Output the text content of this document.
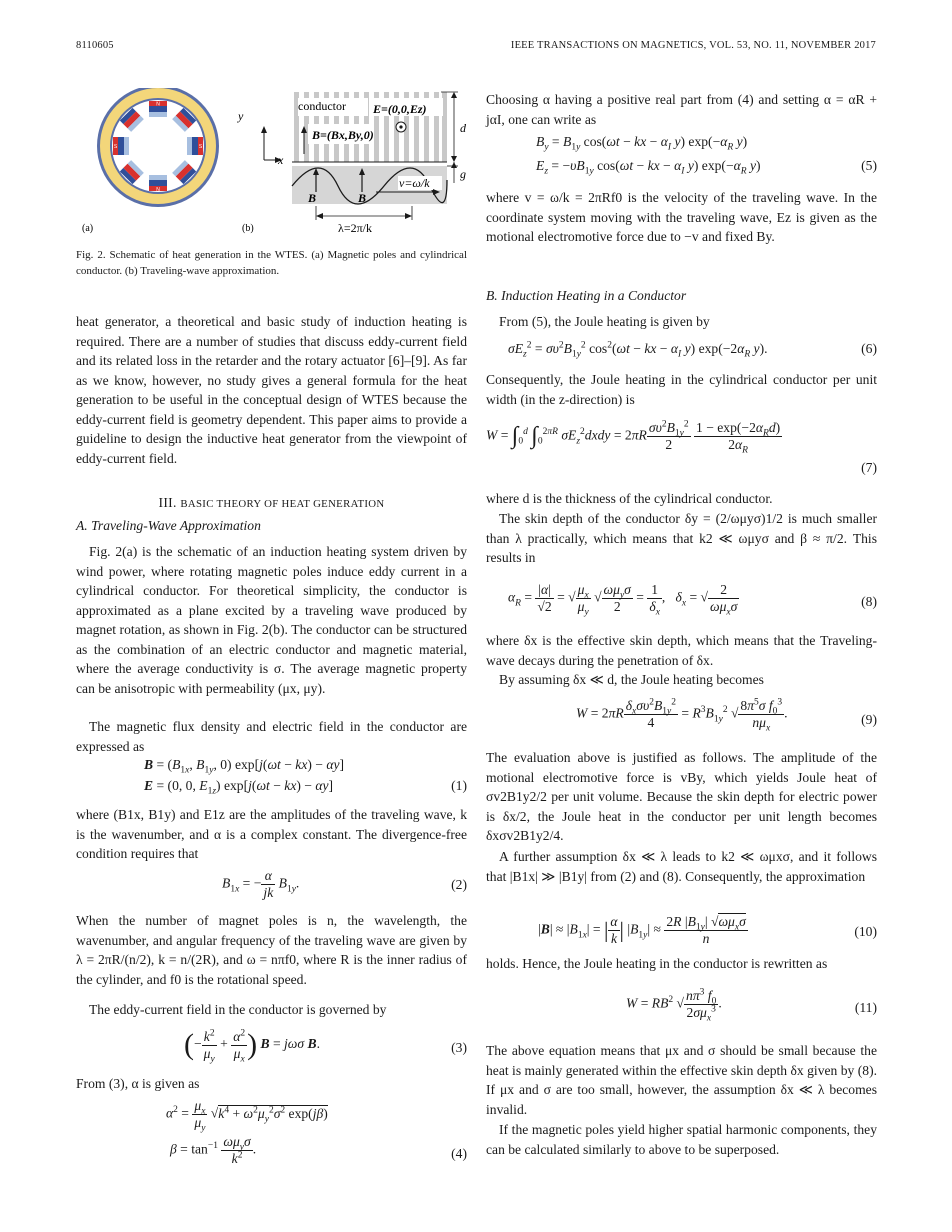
8110605	IEEE TRANSACTIONS ON MAGNETICS, VOL. 53, NO. 11, NOVEMBER 2017
N
N
S
S
(a)	(b)
y
x
conductor E=(0,0,Ez)
B=(Bx,By,0)
B	B
v=ω/k
d
g
λ=2π/k
Fig. 2. Schematic of heat generation in the WTES. (a) Magnetic poles and cylindrical conductor. (b) Traveling-wave approximation.

heat generator, a theoretical and basic study of induction heating is required. There are a number of studies that discuss eddy-current field and its related loss in the retarder and the rotary actuator [6]–[9]. As far as we know, however, no study gives a general formula for the heat generation to be useful in the conceptual design of WTES because the eddy-current field is geometry dependent. This paper aims to provide a guideline to design the inductive heat generator from the viewpoint of eddy-current field.

III. BASIC THEORY OF HEAT GENERATION
A. Traveling-Wave Approximation

Fig. 2(a) is the schematic of an induction heating system driven by wind power, where rotating magnetic poles induce eddy current in a cylindrical conductor. For theoretical simplicity, the conductor is approximated as a plane excited by a traveling wave produced by magnet rotation, as shown in Fig. 2(b). The conductor can be structured as the combination of an electric conductor and magnetic material, where the average conductivity is σ. The average magnetic property can be anisotropic with permeability (μx, μy).

The magnetic flux density and electric field in the conductor are expressed as

$B = (B_{1x}$, $B_{1y}$, 0) exp[j(ωt − kx) − αy]
E = (0, 0, $E_{1z}$) exp[j(ωt − kx) − αy]	(1)

where (B1x, B1y) and E1z are the amplitudes of the traveling wave, k is the wavenumber, and α is a complex constant. The divergence-free condition requires that

$B_{1x}$ = − $\frac{\alpha}{jk} B_{1y}$.	(2)

When the number of magnet poles is n, the wavelength, the wavenumber, and angular frequency of the traveling wave are given by λ = 2πR/(n/2), k = n/(2R), and ω = nπf0, where R is the inner radius of the cylinder, and f0 is the rotational speed.

The eddy-current field in the conductor is governed by

(− $\frac{k^2}{\mu_y} + \frac{\alpha^2}{\mu_x}$ ) B = jωσ B.	(3)

From (3), α is given as

$\alpha^2 = \frac{\mu_x}{\mu_y} √k^4 + \omega^2\mu_y^2\sigma^2$ exp(jβ)
$\beta = \tan^{-1} \frac{\omega\mu_y\sigma}{k^2}$ .	(4)

Choosing α having a positive real part from (4) and setting α = αR + jαI, one can write as

$B_y = B_{1y}$ cos(ωt − kx − $\alpha_I$ y) $\exp(-\alpha_R$ y)
$E_z = -\upsilon B_{1y}$ cos(ωt − kx − $\alpha_I$ y) $\exp(-\alpha_R$ y)	(5)

where v = ω/k = 2πRf0 is the velocity of the traveling wave. In the coordinate system moving with the traveling wave, Ez is given as the motional electromotive force due to −v and fixed By.

B. Induction Heating in a Conductor

From (5), the Joule heating is given by

$\sigma E_z^2 = \sigma\upsilon^2B_{1y}^2$ $\cos^2(\omega t$ − kx − $\alpha_I$ y) $\exp(-2\alpha_R$ y).	(6)

Consequently, the Joule heating in the cylindrical conductor per unit width (in the z-direction) is

$W = \int_0^d$ $\int_0^{2\pi R}$ $\sigma E_z^2dxdy = 2\pi R \frac{\sigma\upsilon^2B_{1y}^2}{2}$
$\frac{1 - \exp(-2\alpha_Rd)}{2\alpha_R}$
(7)

where d is the thickness of the cylindrical conductor.

The skin depth of the conductor δy = (2/ωμyσ)1/2 is much smaller than λ practically, which means that k2 ≪ ωμyσ and β ≈ π/2. This results in

$\alpha_R = \frac{|\alpha|}{√2}$ = √ $\frac{\mu_x}{\mu_y}$ √ $\frac{\omega\mu_y\sigma}{2} = \frac{1}{\delta_x}$ ,   $\delta_x$ = √ $\frac{2}{\omega\mu_x\sigma}$	(8)

where δx is the effective skin depth, which means that the Traveling-wave decays during the penetration of δx.

By assuming δx ≪ d, the Joule heating becomes

$W = 2\pi R \frac{\delta_x\sigma\upsilon^2B_{1y}^2}{4} = R^3B_{1y}^2$ √ $\frac{8\pi^5\sigma f_0^3}{n\mu_x}$ .	(9)

The evaluation above is justified as follows. The amplitude of the motional electromotive force is vBy, which yields Joule heat of σv2B1y2/2 per unit volume. Because the skin depth for electric power is δx/2, the Joule heat in the conductor per unit length becomes δxσv2B1y2/4.

A further assumption δx ≪ λ leads to k2 ≪ ωμxσ, and it follows that |B1x| ≫ |B1y| from (2) and (8). Consequently, the approximation

$|B| \approx |B_{1x}|$ = | $\frac{\alpha}{k}$ | $|B_{1y}| \approx \frac{2R |B_{1y}| √\omega\mu_x\sigma}{n}$	(10)

holds. Hence, the Joule heating in the conductor is rewritten as

$W = RB^2$ √ $\frac{n\pi^3 f_0}{2\sigma\mu_x^3}$ .	(11)

The above equation means that μx and σ should be small because the heat is mainly generated within the effective skin depth δx given by (8). If μx and σ are too small, however, the assumption δx ≪ λ becomes invalid.

If the magnetic poles yield higher spatial harmonic components, they can be calculated similarly to above to be superposed.
